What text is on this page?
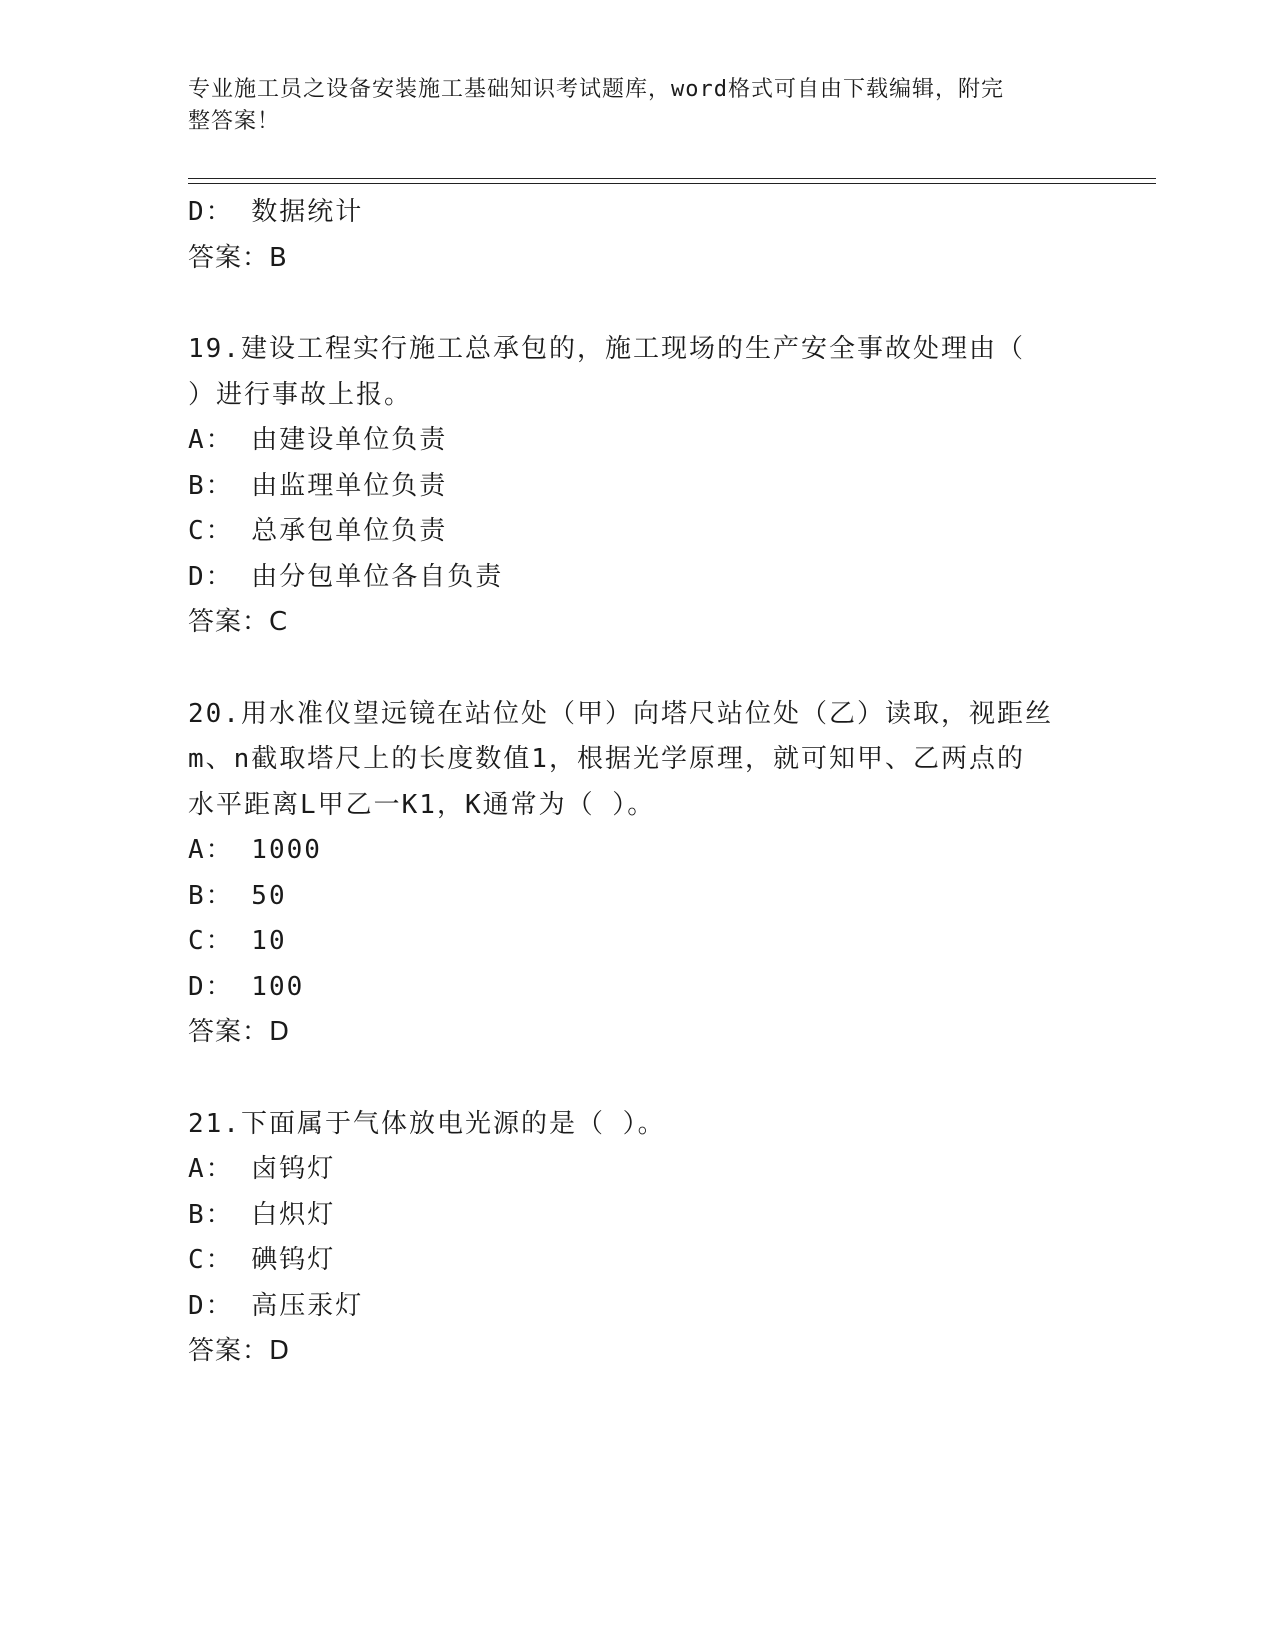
专业施工员之设备安装施工基础知识考试题库，word格式可自由下载编辑，附完
整答案！
D： 数据统计
答案：B
19.建设工程实行施工总承包的，施工现场的生产安全事故处理由（
）进行事故上报。
A： 由建设单位负责
B： 由监理单位负责
C： 总承包单位负责
D： 由分包单位各自负责
答案：C
20.用水准仪望远镜在站位处（甲）向塔尺站位处（乙）读取，视距丝
m、n截取塔尺上的长度数值1，根据光学原理，就可知甲、乙两点的
水平距离L甲乙一K1，K通常为（ ）。
A： 1000
B： 50
C： 10
D： 100
答案：D
21.下面属于气体放电光源的是（ ）。
A： 卤钨灯
B： 白炽灯
C： 碘钨灯
D： 高压汞灯
答案：D
